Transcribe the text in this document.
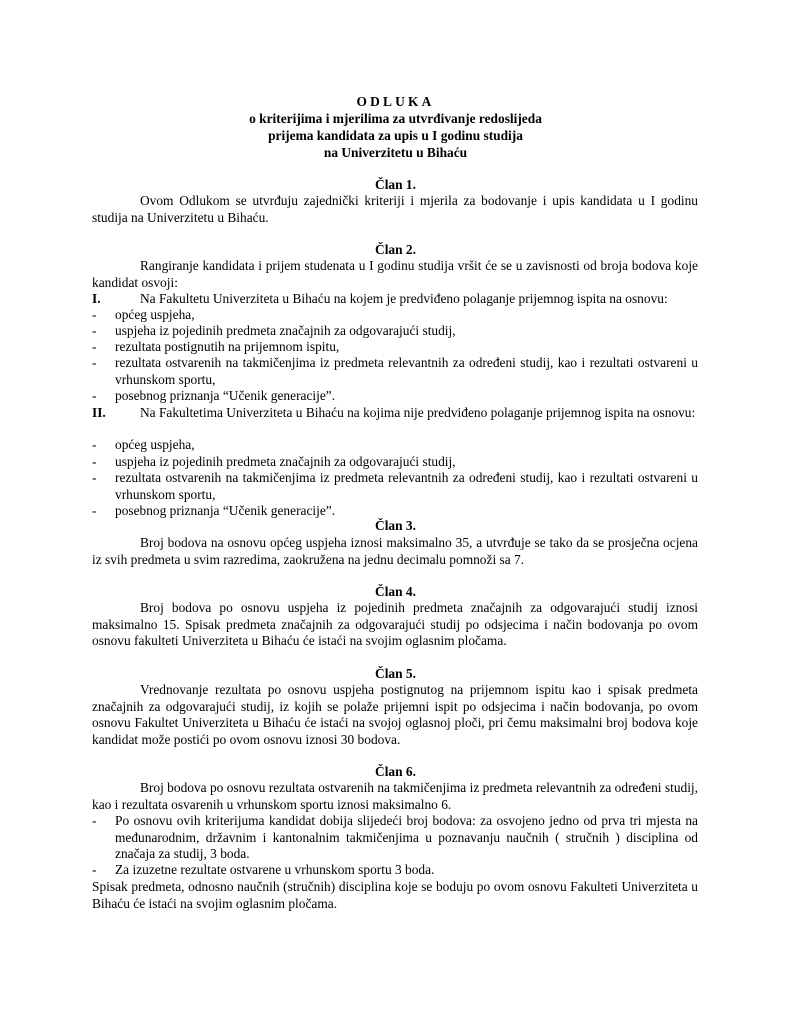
ODLUKA
o kriterijima i mjerilima za utvrđivanje redoslijeda
prijema kandidata za upis u I godinu studija
na Univerzitetu u Bihaću
Član 1.
Ovom Odlukom se utvrđuju zajednički kriteriji i mjerila za bodovanje i upis kandidata u I godinu studija na Univerzitetu u Bihaću.
Član 2.
Rangiranje kandidata i prijem studenata u I godinu studija vršit će se u zavisnosti od broja bodova koje kandidat osvoji:
I.	Na Fakultetu Univerziteta u Bihaću na kojem je predviđeno polaganje prijemnog ispita na osnovu:
- općeg uspjeha,
- uspjeha iz pojedinih predmeta značajnih za odgovarajući studij,
- rezultata postignutih na prijemnom ispitu,
- rezultata ostvarenih na takmičenjima iz predmeta relevantnih za određeni studij, kao i rezultati ostvareni u vrhunskom sportu,
- posebnog priznanja “Učenik generacije”.
II.	Na Fakultetima Univerziteta u Bihaću na kojima nije predviđeno polaganje prijemnog ispita na osnovu:
- općeg uspjeha,
- uspjeha iz pojedinih predmeta značajnih za odgovarajući studij,
- rezultata ostvarenih na takmičenjima iz predmeta relevantnih za određeni studij, kao i rezultati ostvareni u vrhunskom sportu,
- posebnog priznanja “Učenik generacije”.
Član 3.
Broj bodova na osnovu općeg uspjeha iznosi maksimalno 35, a utvrđuje se tako da se prosječna ocjena iz svih predmeta u svim razredima, zaokružena na jednu decimalu pomnoži sa 7.
Član 4.
Broj bodova po osnovu uspjeha iz pojedinih predmeta značajnih za odgovarajući studij iznosi maksimalno 15. Spisak predmeta značajnih za odgovarajući studij po odsjecima i način bodovanja po ovom osnovu fakulteti Univerziteta u Bihaću će istaći na svojim oglasnim pločama.
Član 5.
Vrednovanje rezultata po osnovu uspjeha postignutog na prijemnom ispitu kao i spisak predmeta značajnih za odgovarajući studij, iz kojih se polaže prijemni ispit po odsjecima i način bodovanja, po ovom osnovu Fakultet Univerziteta u Bihaću će istaći na svojoj oglasnoj ploči, pri čemu maksimalni broj bodova koje kandidat može postići po ovom osnovu iznosi 30 bodova.
Član 6.
Broj bodova po osnovu rezultata ostvarenih na takmičenjima iz predmeta relevantnih za određeni studij, kao i rezultata osvarenih u vrhunskom sportu iznosi maksimalno 6.
- Po osnovu ovih kriterijuma kandidat dobija slijedeći broj bodova: za osvojeno jedno od prva tri mjesta na međunarodnim, državnim i kantonalnim takmičenjima u poznavanju naučnih ( stručnih ) disciplina od značaja za studij, 3 boda.
- Za izuzetne rezultate ostvarene u vrhunskom sportu 3 boda.
Spisak predmeta, odnosno naučnih (stručnih) disciplina koje se boduju po ovom osnovu Fakulteti Univerziteta u Bihaću će istaći na svojim oglasnim pločama.
